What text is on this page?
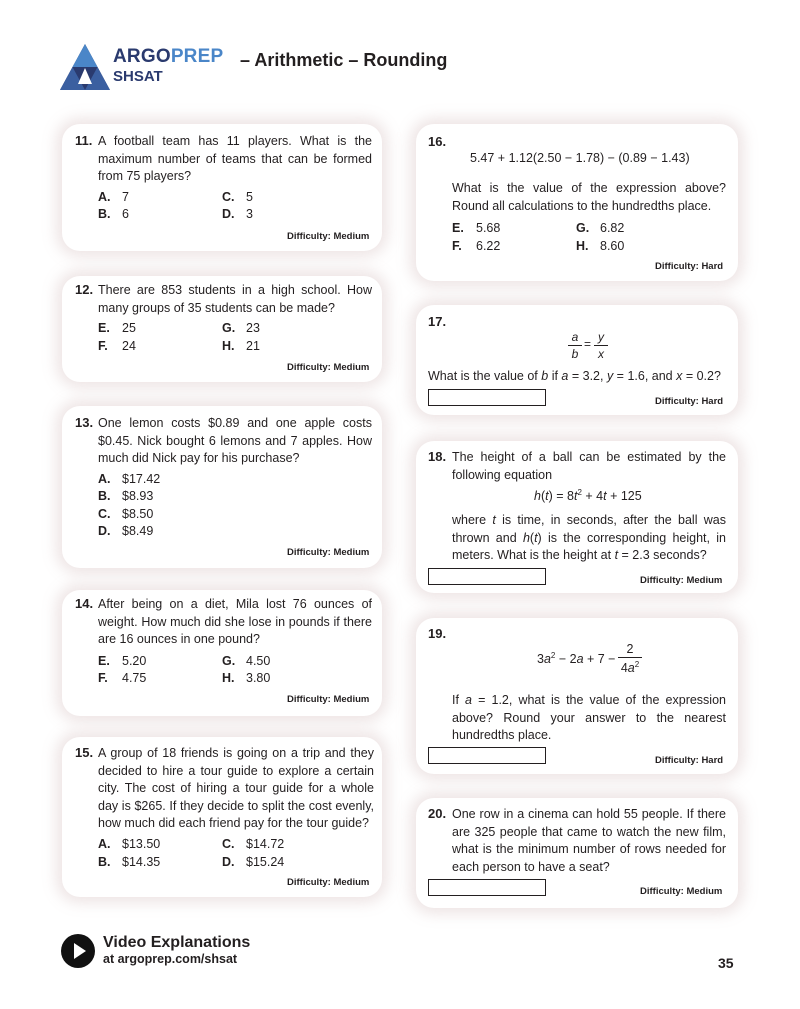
ARGOPREP
SHSAT
– Arithmetic – Rounding
11. A football team has 11 players. What is the maximum number of teams that can be formed from 75 players?
A. 7	C. 5
B. 6	D. 3
Difficulty: Medium
12. There are 853 students in a high school. How many groups of 35 students can be made?
E. 25	G. 23
F. 24	H. 21
Difficulty: Medium
13. One lemon costs $0.89 and one apple costs $0.45. Nick bought 6 lemons and 7 apples. How much did Nick pay for his purchase?
A. $17.42
B. $8.93
C. $8.50
D. $8.49
Difficulty: Medium
14. After being on a diet, Mila lost 76 ounces of weight. How much did she lose in pounds if there are 16 ounces in one pound?
E. 5.20	G. 4.50
F. 4.75	H. 3.80
Difficulty: Medium
15. A group of 18 friends is going on a trip and they decided to hire a tour guide to explore a certain city. The cost of hiring a tour guide for a whole day is $265. If they decide to split the cost evenly, how much did each friend pay for the tour guide?
A. $13.50	C. $14.72
B. $14.35	D. $15.24
Difficulty: Medium
16.
5.47 + 1.12(2.50 − 1.78) − (0.89 − 1.43)
What is the value of the expression above? Round all calculations to the hundredths place.
E. 5.68	G. 6.82
F. 6.22	H. 8.60
Difficulty: Hard
17.
a
b
= y
x
What is the value of b if a = 3.2, y = 1.6, and x = 0.2?
Difficulty: Hard
18. The height of a ball can be estimated by the following equation
$h(t) = 8t^2 + 4t + 125$
where t is time, in seconds, after the ball was thrown and h(t) is the corresponding height, in meters. What is the height at t = 2.3 seconds?
Difficulty: Medium
19.
$3a^2 - 2a + 7$ −
2
$4a^2$
If a = 1.2, what is the value of the expression above? Round your answer to the nearest hundredths place.
Difficulty: Hard
20. One row in a cinema can hold 55 people. If there are 325 people that came to watch the new film, what is the minimum number of rows needed for each person to have a seat?
Difficulty: Medium
Video Explanations
at argoprep.com/shsat	35
